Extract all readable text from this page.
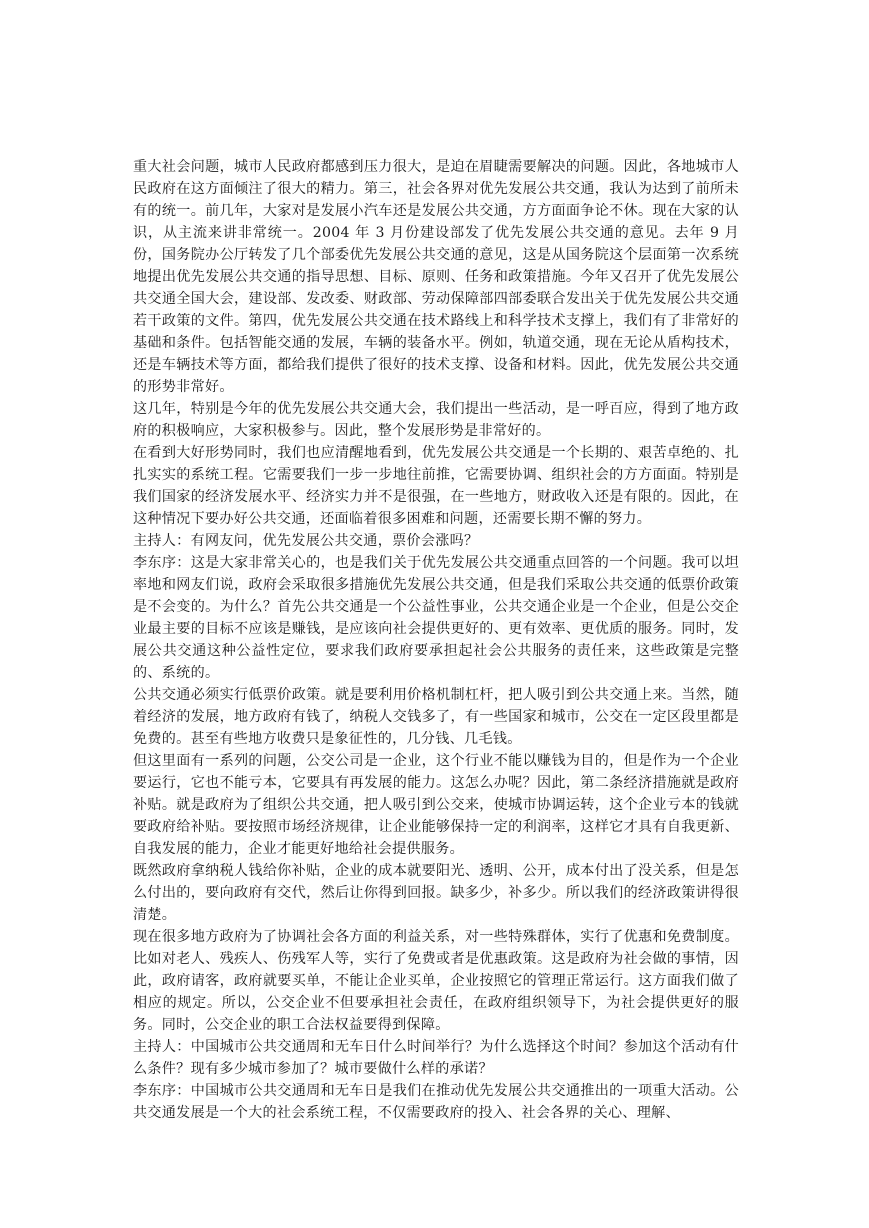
重大社会问题，城市人民政府都感到压力很大，是迫在眉睫需要解决的问题。因此，各地城市人民政府在这方面倾注了很大的精力。第三，社会各界对优先发展公共交通，我认为达到了前所未有的统一。前几年，大家对是发展小汽车还是发展公共交通，方方面面争论不休。现在大家的认识，从主流来讲非常统一。2004 年 3 月份建设部发了优先发展公共交通的意见。去年 9 月份，国务院办公厅转发了几个部委优先发展公共交通的意见，这是从国务院这个层面第一次系统地提出优先发展公共交通的指导思想、目标、原则、任务和政策措施。今年又召开了优先发展公共交通全国大会，建设部、发改委、财政部、劳动保障部四部委联合发出关于优先发展公共交通若干政策的文件。第四，优先发展公共交通在技术路线上和科学技术支撑上，我们有了非常好的基础和条件。包括智能交通的发展，车辆的装备水平。例如，轨道交通，现在无论从盾构技术，还是车辆技术等方面，都给我们提供了很好的技术支撑、设备和材料。因此，优先发展公共交通的形势非常好。

这几年，特别是今年的优先发展公共交通大会，我们提出一些活动，是一呼百应，得到了地方政府的积极响应，大家积极参与。因此，整个发展形势是非常好的。

在看到大好形势同时，我们也应清醒地看到，优先发展公共交通是一个长期的、艰苦卓绝的、扎扎实实的系统工程。它需要我们一步一步地往前推，它需要协调、组织社会的方方面面。特别是我们国家的经济发展水平、经济实力并不是很强，在一些地方，财政收入还是有限的。因此，在这种情况下要办好公共交通，还面临着很多困难和问题，还需要长期不懈的努力。

主持人：有网友问，优先发展公共交通，票价会涨吗？

李东序：这是大家非常关心的，也是我们关于优先发展公共交通重点回答的一个问题。我可以坦率地和网友们说，政府会采取很多措施优先发展公共交通，但是我们采取公共交通的低票价政策是不会变的。为什么？首先公共交通是一个公益性事业，公共交通企业是一个企业，但是公交企业最主要的目标不应该是赚钱，是应该向社会提供更好的、更有效率、更优质的服务。同时，发展公共交通这种公益性定位，要求我们政府要承担起社会公共服务的责任来，这些政策是完整的、系统的。

公共交通必须实行低票价政策。就是要利用价格机制杠杆，把人吸引到公共交通上来。当然，随着经济的发展，地方政府有钱了，纳税人交钱多了，有一些国家和城市，公交在一定区段里都是免费的。甚至有些地方收费只是象征性的，几分钱、几毛钱。

但这里面有一系列的问题，公交公司是一企业，这个行业不能以赚钱为目的，但是作为一个企业要运行，它也不能亏本，它要具有再发展的能力。这怎么办呢？因此，第二条经济措施就是政府补贴。就是政府为了组织公共交通，把人吸引到公交来，使城市协调运转，这个企业亏本的钱就要政府给补贴。要按照市场经济规律，让企业能够保持一定的利润率，这样它才具有自我更新、自我发展的能力，企业才能更好地给社会提供服务。

既然政府拿纳税人钱给你补贴，企业的成本就要阳光、透明、公开，成本付出了没关系，但是怎么付出的，要向政府有交代，然后让你得到回报。缺多少，补多少。所以我们的经济政策讲得很清楚。

现在很多地方政府为了协调社会各方面的利益关系，对一些特殊群体，实行了优惠和免费制度。比如对老人、残疾人、伤残军人等，实行了免费或者是优惠政策。这是政府为社会做的事情，因此，政府请客，政府就要买单，不能让企业买单，企业按照它的管理正常运行。这方面我们做了相应的规定。所以，公交企业不但要承担社会责任，在政府组织领导下，为社会提供更好的服务。同时，公交企业的职工合法权益要得到保障。

主持人：中国城市公共交通周和无车日什么时间举行？为什么选择这个时间？参加这个活动有什么条件？现有多少城市参加了？城市要做什么样的承诺？

李东序：中国城市公共交通周和无车日是我们在推动优先发展公共交通推出的一项重大活动。公共交通发展是一个大的社会系统工程，不仅需要政府的投入、社会各界的关心、理解、
